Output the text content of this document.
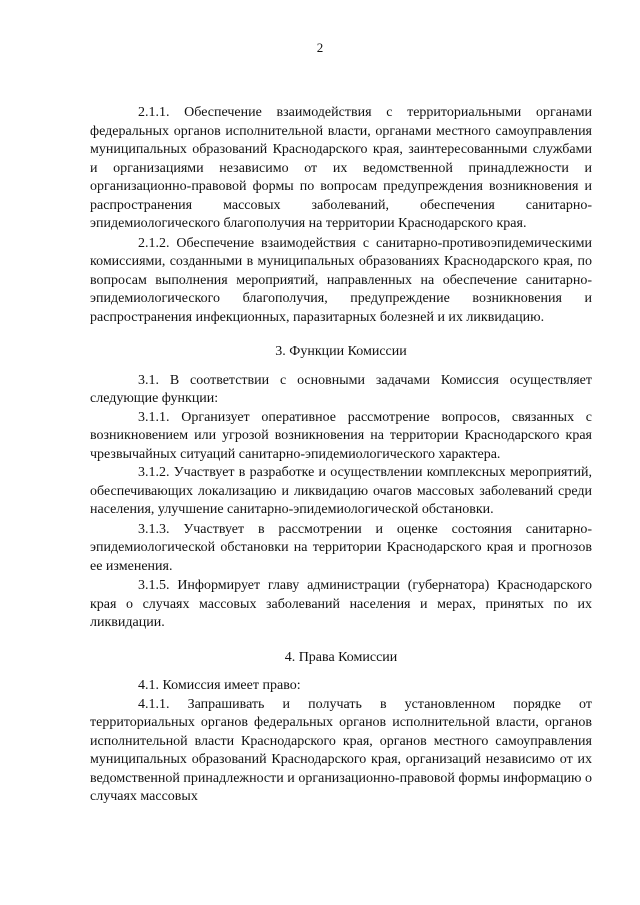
2

2.1.1. Обеспечение взаимодействия с территориальными органами федеральных органов исполнительной власти, органами местного самоуправления муниципальных образований Краснодарского края, заинтересованными службами и организациями независимо от их ведомственной принадлежности и организационно-правовой формы по вопросам предупреждения возникновения и распространения массовых заболеваний, обеспечения санитарно-эпидемиологического благополучия на территории Краснодарского края.

2.1.2. Обеспечение взаимодействия с санитарно-противоэпидемическими комиссиями, созданными в муниципальных образованиях Краснодарского края, по вопросам выполнения мероприятий, направленных на обеспечение санитарно-эпидемиологического благополучия, предупреждение возникновения и распространения инфекционных, паразитарных болезней и их ликвидацию.

3. Функции Комиссии

3.1. В соответствии с основными задачами Комиссия осуществляет следующие функции:

3.1.1. Организует оперативное рассмотрение вопросов, связанных с возникновением или угрозой возникновения на территории Краснодарского края чрезвычайных ситуаций санитарно-эпидемиологического характера.

3.1.2. Участвует в разработке и осуществлении комплексных мероприятий, обеспечивающих локализацию и ликвидацию очагов массовых заболеваний среди населения, улучшение санитарно-эпидемиологической обстановки.

3.1.3. Участвует в рассмотрении и оценке состояния санитарно-эпидемиологической обстановки на территории Краснодарского края и прогнозов ее изменения.

3.1.5. Информирует главу администрации (губернатора) Краснодарского края о случаях массовых заболеваний населения и мерах, принятых по их ликвидации.

4. Права Комиссии

4.1. Комиссия имеет право:

4.1.1. Запрашивать и получать в установленном порядке от территориальных органов федеральных органов исполнительной власти, органов исполнительной власти Краснодарского края, органов местного самоуправления муниципальных образований Краснодарского края, организаций независимо от их ведомственной принадлежности и организационно-правовой формы информацию о случаях массовых
